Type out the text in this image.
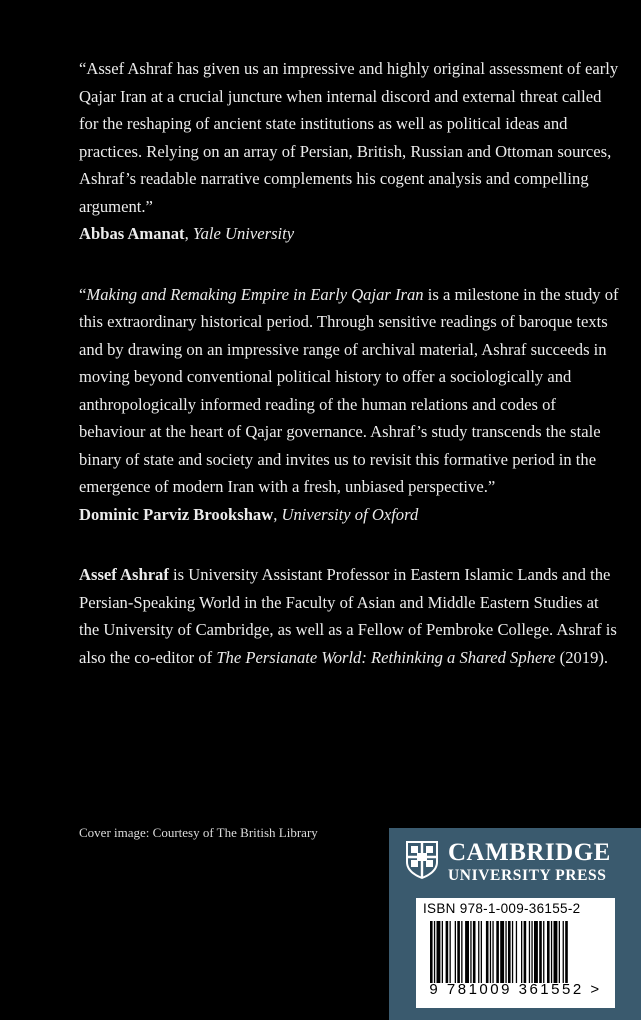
“Assef Ashraf has given us an impressive and highly original assessment of early Qajar Iran at a crucial juncture when internal discord and external threat called for the reshaping of ancient state institutions as well as political ideas and practices. Relying on an array of Persian, British, Russian and Ottoman sources, Ashraf’s readable narrative complements his cogent analysis and compelling argument.”

Abbas Amanat, Yale University

“Making and Remaking Empire in Early Qajar Iran is a milestone in the study of this extraordinary historical period. Through sensitive readings of baroque texts and by drawing on an impressive range of archival material, Ashraf succeeds in moving beyond conventional political history to offer a sociologically and anthropologically informed reading of the human relations and codes of behaviour at the heart of Qajar governance. Ashraf’s study transcends the stale binary of state and society and invites us to revisit this formative period in the emergence of modern Iran with a fresh, unbiased perspective.”

Dominic Parviz Brookshaw, University of Oxford

Assef Ashraf is University Assistant Professor in Eastern Islamic Lands and the Persian-Speaking World in the Faculty of Asian and Middle Eastern Studies at the University of Cambridge, as well as a Fellow of Pembroke College. Ashraf is also the co-editor of The Persianate World: Rethinking a Shared Sphere (2019).

Cover image: Courtesy of The British Library
CAMBRIDGE
UNIVERSITY PRESS
ISBN 978-1-009-36155-2
9 781009 361552 >
